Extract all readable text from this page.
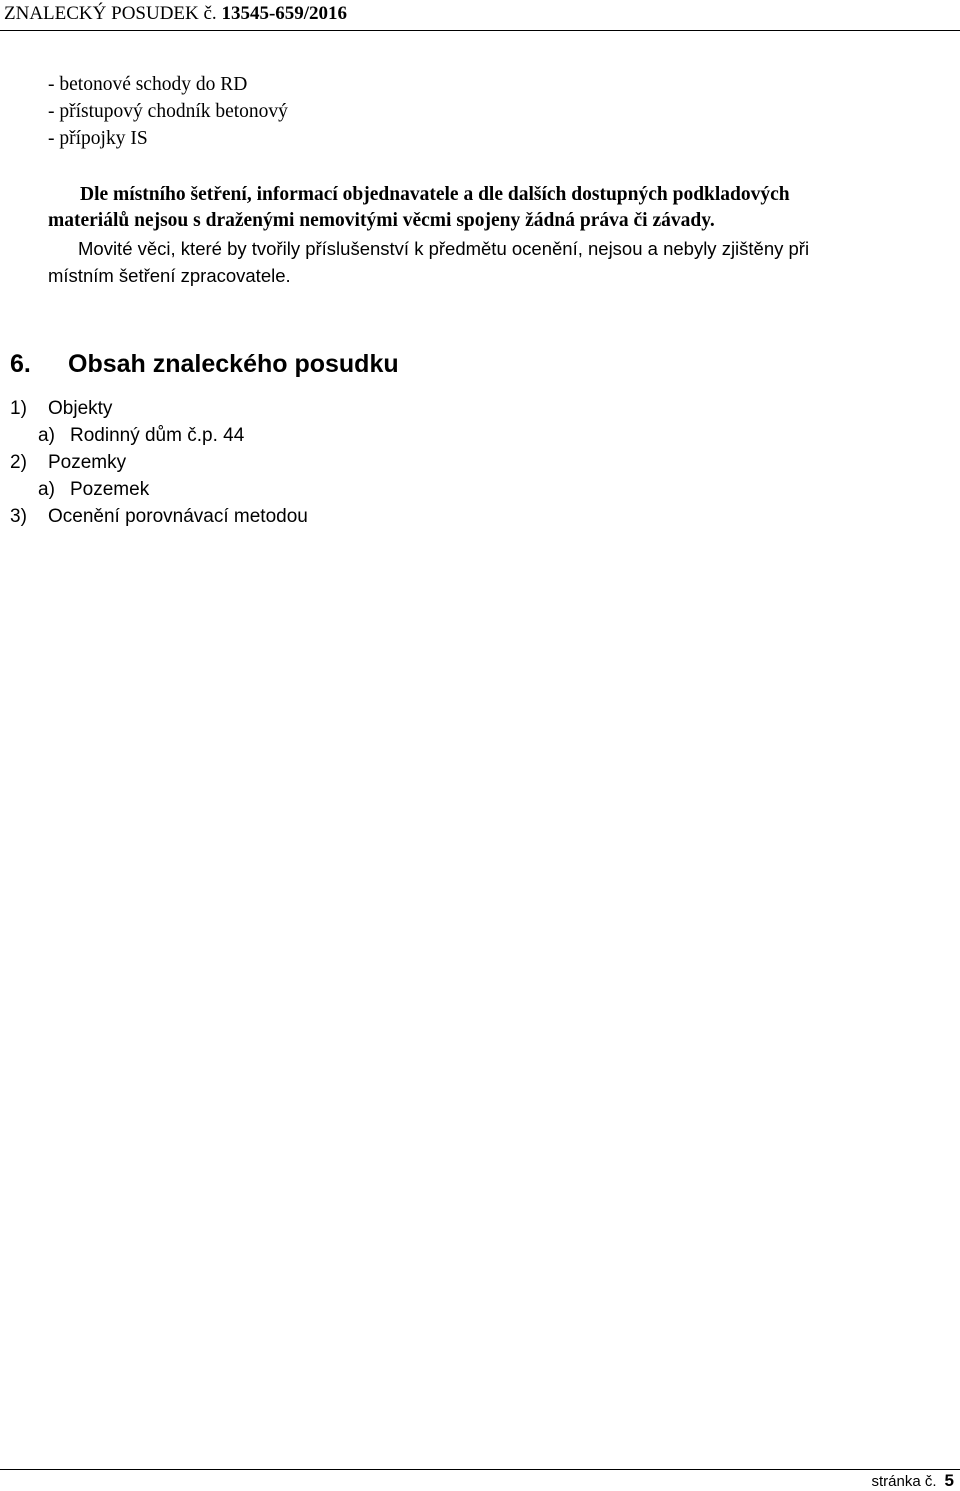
ZNALECKÝ POSUDEK č. 13545-659/2016
- betonové schody do RD
- přístupový chodník betonový
- přípojky IS
Dle místního šetření, informací objednavatele a dle dalších dostupných podkladových
materiálů nejsou s draženými nemovitými věcmi spojeny žádná práva či závady.
Movité věci, které by tvořily příslušenství k předmětu ocenění, nejsou a nebyly zjištěny při
místním šetření zpracovatele.
6. Obsah znaleckého posudku
1) Objekty
a) Rodinný dům č.p. 44
2) Pozemky
a) Pozemek
3) Ocenění porovnávací metodou
stránka č. 5
